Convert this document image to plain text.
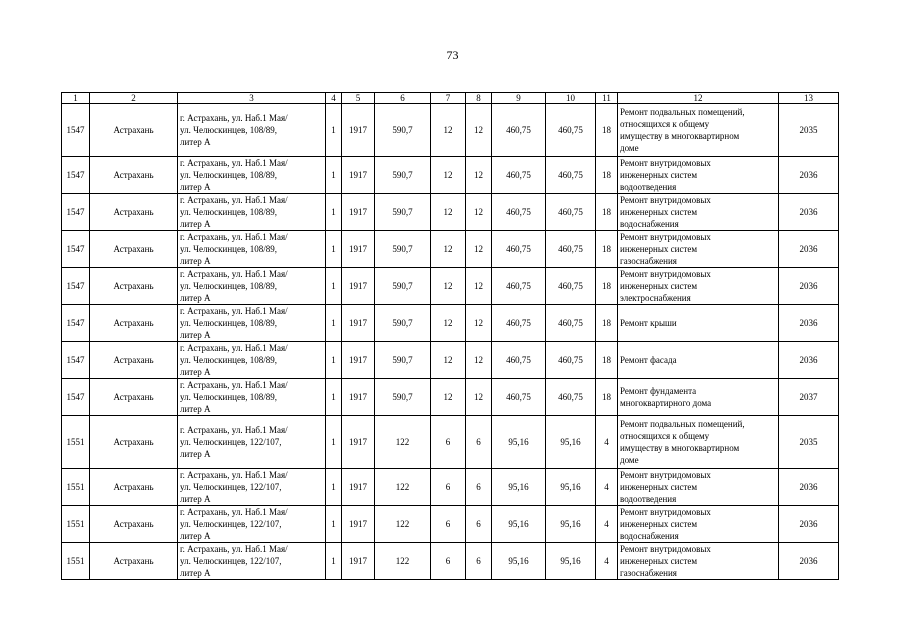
73
1	2	3	4	5	6	7	8	9	10	11	12	13
1547	Астрахань	г. Астрахань, ул. Наб.1 Мая/
ул. Челюскинцев, 108/89,
литер А	1	1917	590,7	12	12	460,75	460,75	18	Ремонт подвальных помещений,
относящихся к общему
имуществу в многоквартирном
доме	2035
1547	Астрахань	г. Астрахань, ул. Наб.1 Мая/
ул. Челюскинцев, 108/89,
литер А	1	1917	590,7	12	12	460,75	460,75	18	Ремонт внутридомовых
инженерных систем
водоотведения	2036
1547	Астрахань	г. Астрахань, ул. Наб.1 Мая/
ул. Челюскинцев, 108/89,
литер А	1	1917	590,7	12	12	460,75	460,75	18	Ремонт внутридомовых
инженерных систем
водоснабжения	2036
1547	Астрахань	г. Астрахань, ул. Наб.1 Мая/
ул. Челюскинцев, 108/89,
литер А	1	1917	590,7	12	12	460,75	460,75	18	Ремонт внутридомовых
инженерных систем
газоснабжения	2036
1547	Астрахань	г. Астрахань, ул. Наб.1 Мая/
ул. Челюскинцев, 108/89,
литер А	1	1917	590,7	12	12	460,75	460,75	18	Ремонт внутридомовых
инженерных систем
электроснабжения	2036
1547	Астрахань	г. Астрахань, ул. Наб.1 Мая/
ул. Челюскинцев, 108/89,
литер А	1	1917	590,7	12	12	460,75	460,75	18	Ремонт крыши	2036
1547	Астрахань	г. Астрахань, ул. Наб.1 Мая/
ул. Челюскинцев, 108/89,
литер А	1	1917	590,7	12	12	460,75	460,75	18	Ремонт фасада	2036
1547	Астрахань	г. Астрахань, ул. Наб.1 Мая/
ул. Челюскинцев, 108/89,
литер А	1	1917	590,7	12	12	460,75	460,75	18	Ремонт фундамента
многоквартирного дома	2037
1551	Астрахань	г. Астрахань, ул. Наб.1 Мая/
ул. Челюскинцев, 122/107,
литер А	1	1917	122	6	6	95,16	95,16	4	Ремонт подвальных помещений,
относящихся к общему
имуществу в многоквартирном
доме	2035
1551	Астрахань	г. Астрахань, ул. Наб.1 Мая/
ул. Челюскинцев, 122/107,
литер А	1	1917	122	6	6	95,16	95,16	4	Ремонт внутридомовых
инженерных систем
водоотведения	2036
1551	Астрахань	г. Астрахань, ул. Наб.1 Мая/
ул. Челюскинцев, 122/107,
литер А	1	1917	122	6	6	95,16	95,16	4	Ремонт внутридомовых
инженерных систем
водоснабжения	2036
1551	Астрахань	г. Астрахань, ул. Наб.1 Мая/
ул. Челюскинцев, 122/107,
литер А	1	1917	122	6	6	95,16	95,16	4	Ремонт внутридомовых
инженерных систем
газоснабжения	2036
